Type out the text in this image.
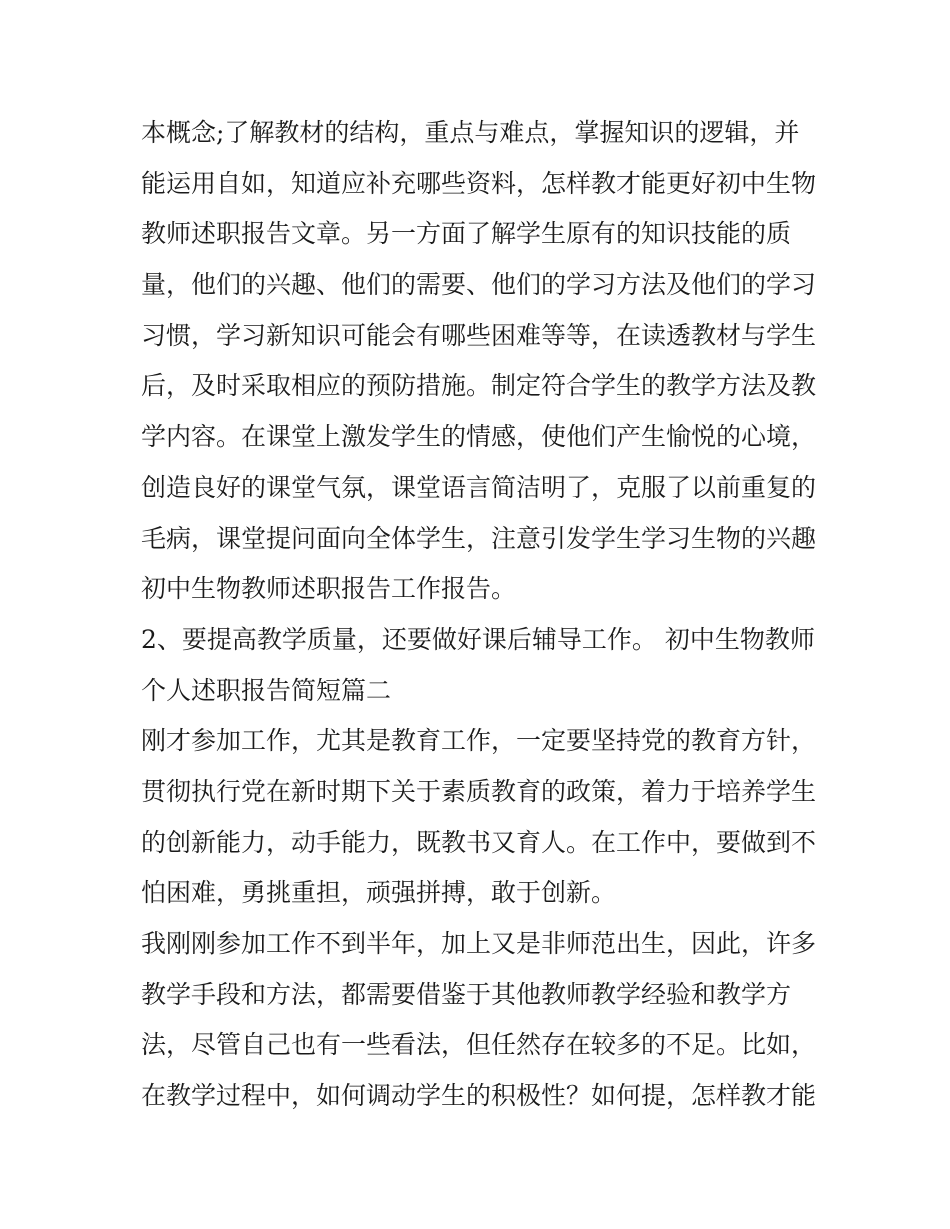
本概念;了解教材的结构，重点与难点，掌握知识的逻辑，并
能运用自如，知道应补充哪些资料，怎样教才能更好初中生物
教师述职报告文章。另一方面了解学生原有的知识技能的质
量，他们的兴趣、他们的需要、他们的学习方法及他们的学习
习惯，学习新知识可能会有哪些困难等等，在读透教材与学生
后，及时采取相应的预防措施。制定符合学生的教学方法及教
学内容。在课堂上激发学生的情感，使他们产生愉悦的心境，
创造良好的课堂气氛，课堂语言简洁明了，克服了以前重复的
毛病，课堂提问面向全体学生，注意引发学生学习生物的兴趣
初中生物教师述职报告工作报告。
2、要提高教学质量，还要做好课后辅导工作。 初中生物教师
个人述职报告简短篇二
刚才参加工作，尤其是教育工作，一定要坚持党的教育方针，
贯彻执行党在新时期下关于素质教育的政策，着力于培养学生
的创新能力，动手能力，既教书又育人。在工作中，要做到不
怕困难，勇挑重担，顽强拼搏，敢于创新。
我刚刚参加工作不到半年，加上又是非师范出生，因此，许多
教学手段和方法，都需要借鉴于其他教师教学经验和教学方
法，尽管自己也有一些看法，但任然存在较多的不足。比如，
在教学过程中，如何调动学生的积极性？如何提，怎样教才能
